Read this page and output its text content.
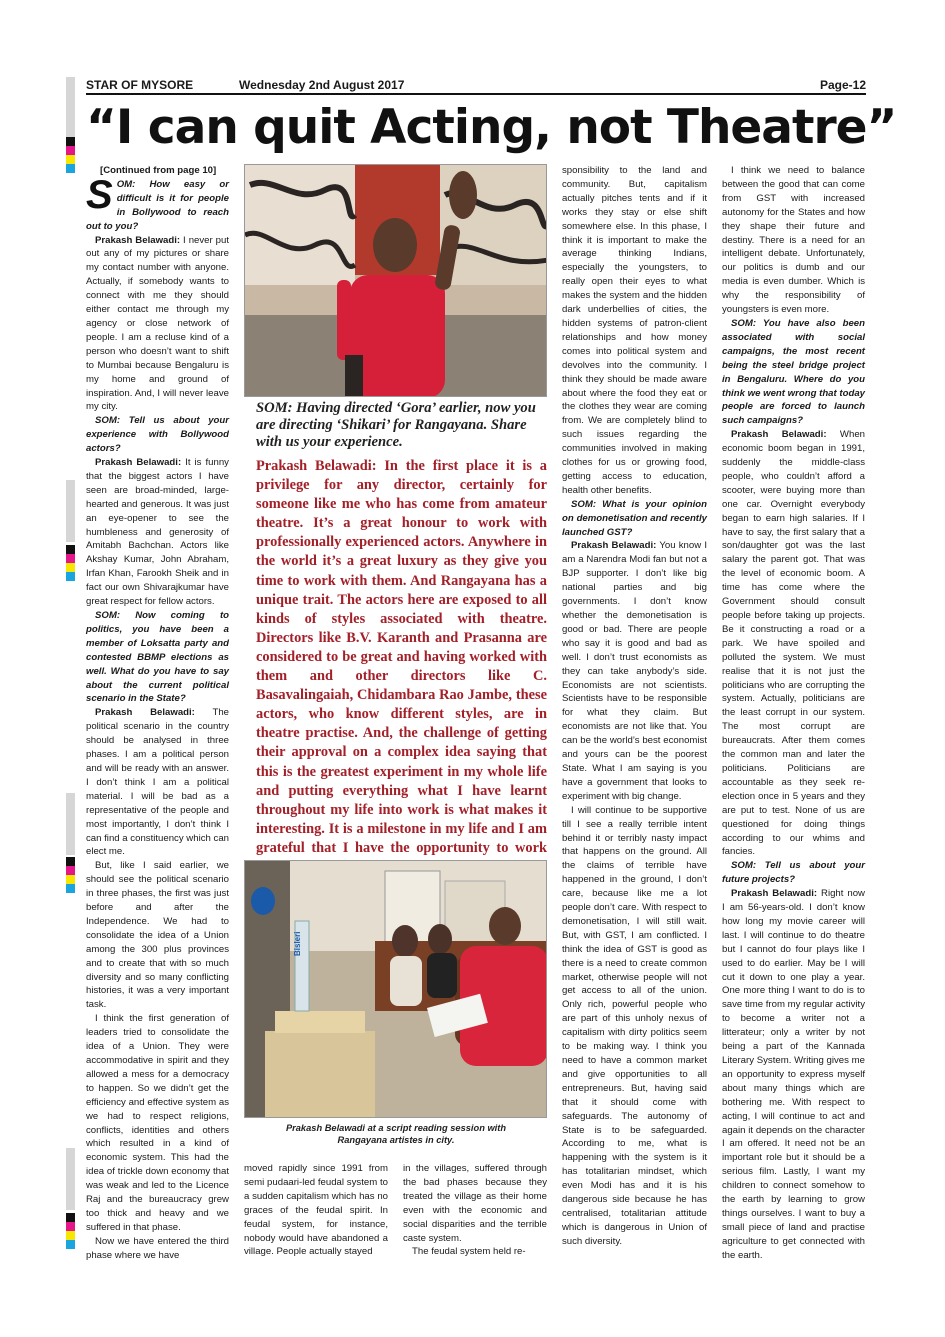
STAR OF MYSORE	Wednesday 2nd August 2017	Page-12
“I can quit Acting, not Theatre”
[Continued from page 10]

SOM: How easy or difficult is it for people in Bollywood to reach out to you?

Prakash Belawadi: I never put out any of my pictures or share my contact number with anyone. Actually, if somebody wants to connect with me they should either contact me through my agency or close network of people. I am a recluse kind of a person who doesn’t want to shift to Mumbai because Bengaluru is my home and ground of inspiration. And, I will never leave my city.

SOM: Tell us about your experience with Bollywood actors?

Prakash Belawadi: It is funny that the biggest actors I have seen are broad-minded, large-hearted and generous. It was just an eye-opener to see the humbleness and generosity of Amitabh Bachchan. Actors like Akshay Kumar, John Abraham, Irfan Khan, Farookh Sheik and in fact our own Shivarajkumar have great respect for fellow actors.

SOM: Now coming to politics, you have been a member of Loksatta party and contested BBMP elections as well. What do you have to say about the current political scenario in the State?

Prakash Belawadi: The political scenario in the country should be analysed in three phases. I am a political person and will be ready with an answer. I don’t think I am a political material. I will be bad as a representative of the people and most importantly, I don’t think I can find a constituency which can elect me.

But, like I said earlier, we should see the political scenario in three phases, the first was just before and after the Independence. We had to consolidate the idea of a Union among the 300 plus provinces and to create that with so much diversity and so many conflicting histories, it was a very important task.

I think the first generation of leaders tried to consolidate the idea of a Union. They were accommodative in spirit and they allowed a mess for a democracy to happen. So we didn’t get the efficiency and effective system as we had to respect religions, conflicts, identities and others which resulted in a kind of economic system. This had the idea of trickle down economy that was weak and led to the Licence Raj and the bureaucracy grew too thick and heavy and we suffered in that phase.

Now we have entered the third phase where we have

SOM: Having directed ‘Gora’ earlier, now you are directing ‘Shikari’ for Rangayana. Share with us your experience.
Prakash Belawadi: In the first place it is a privilege for any director, certainly for someone like me who has come from amateur theatre. It’s a great honour to work with professionally experienced actors. Anywhere in the world it’s a great luxury as they give you time to work with them. And Rangayana has a unique trait. The actors here are exposed to all kinds of styles associated with theatre. Directors like B.V. Karanth and Prasanna are considered to be great and having worked with them and other directors like C. Basavalingaiah, Chidambara Rao Jambe, these actors, who know different styles, are in theatre practise. And, the challenge of getting their approval on a complex idea saying that this is the greatest experiment in my whole life and putting everything what I have learnt throughout my life into work is what makes it interesting. It is a milestone in my life and I am grateful that I have the opportunity to work
Bisleri
Prakash Belawadi at a script reading session with Rangayana artistes in city.

moved rapidly since 1991 from semi pudaari-led feudal system to a sudden capitalism which has no graces of the feudal spirit. In feudal system, for instance, nobody would have abandoned a village. People actually stayed

in the villages, suffered through the bad phases because they treated the village as their home even with the economic and social disparities and the terrible caste system.

The feudal system held re-

sponsibility to the land and community. But, capitalism actually pitches tents and if it works they stay or else shift somewhere else. In this phase, I think it is important to make the average thinking Indians, especially the youngsters, to really open their eyes to what makes the system and the hidden dark underbellies of cities, the hidden systems of patron-client relationships and how money comes into political system and devolves into the community. I think they should be made aware about where the food they eat or the clothes they wear are coming from. We are completely blind to such issues regarding the communities involved in making clothes for us or growing food, getting access to education, health other benefits.

SOM: What is your opinion on demonetisation and recently launched GST?

Prakash Belawadi: You know I am a Narendra Modi fan but not a BJP supporter. I don’t like big national parties and big governments. I don’t know whether the demonetisation is good or bad. There are people who say it is good and bad as well. I don’t trust economists as they can take anybody’s side. Economists are not scientists. Scientists have to be responsible for what they claim. But economists are not like that. You can be the world’s best economist and yours can be the poorest State. What I am saying is you have a government that looks to experiment with big change.

I will continue to be supportive till I see a really terrible intent behind it or terribly nasty impact that happens on the ground. All the claims of terrible have happened in the ground, I don’t care, because like me a lot people don’t care. With respect to demonetisation, I will still wait. But, with GST, I am conflicted. I think the idea of GST is good as there is a need to create common market, otherwise people will not get access to all of the union. Only rich, powerful people who are part of this unholy nexus of capitalism with dirty politics seem to be making way. I think you need to have a common market and give opportunities to all entrepreneurs. But, having said that it should come with safeguards. The autonomy of State is to be safeguarded. According to me, what is happening with the system is it has totalitarian mindset, which even Modi has and it is his dangerous side because he has centralised, totalitarian attitude which is dangerous in Union of such diversity.

I think we need to balance between the good that can come from GST with increased autonomy for the States and how they shape their future and destiny. There is a need for an intelligent debate. Unfortunately, our politics is dumb and our media is even dumber. Which is why the responsibility of youngsters is even more.

SOM: You have also been associated with social campaigns, the most recent being the steel bridge project in Bengaluru. Where do you think we went wrong that today people are forced to launch such campaigns?

Prakash Belawadi: When economic boom began in 1991, suddenly the middle-class people, who couldn’t afford a scooter, were buying more than one car. Overnight everybody began to earn high salaries. If I have to say, the first salary that a son/daughter got was the last salary the parent got. That was the level of economic boom. A time has come where the Government should consult people before taking up projects. Be it constructing a road or a park. We have spoiled and polluted the system. We must realise that it is not just the politicians who are corrupting the system. Actually, politicians are the least corrupt in our system. The most corrupt are bureaucrats. After them comes the common man and later the politicians. Politicians are accountable as they seek re-election once in 5 years and they are put to test. None of us are questioned for doing things according to our whims and fancies.

SOM: Tell us about your future projects?

Prakash Belawadi: Right now I am 56-years-old. I don’t know how long my movie career will last. I will continue to do theatre but I cannot do four plays like I used to do earlier. May be I will cut it down to one play a year. One more thing I want to do is to save time from my regular activity to become a writer not a litterateur; only a writer by not being a part of the Kannada Literary System. Writing gives me an opportunity to express myself about many things which are bothering me. With respect to acting, I will continue to act and again it depends on the character I am offered. It need not be an important role but it should be a serious film. Lastly, I want my children to connect somehow to the earth by learning to grow things ourselves. I want to buy a small piece of land and practise agriculture to get connected with the earth.
